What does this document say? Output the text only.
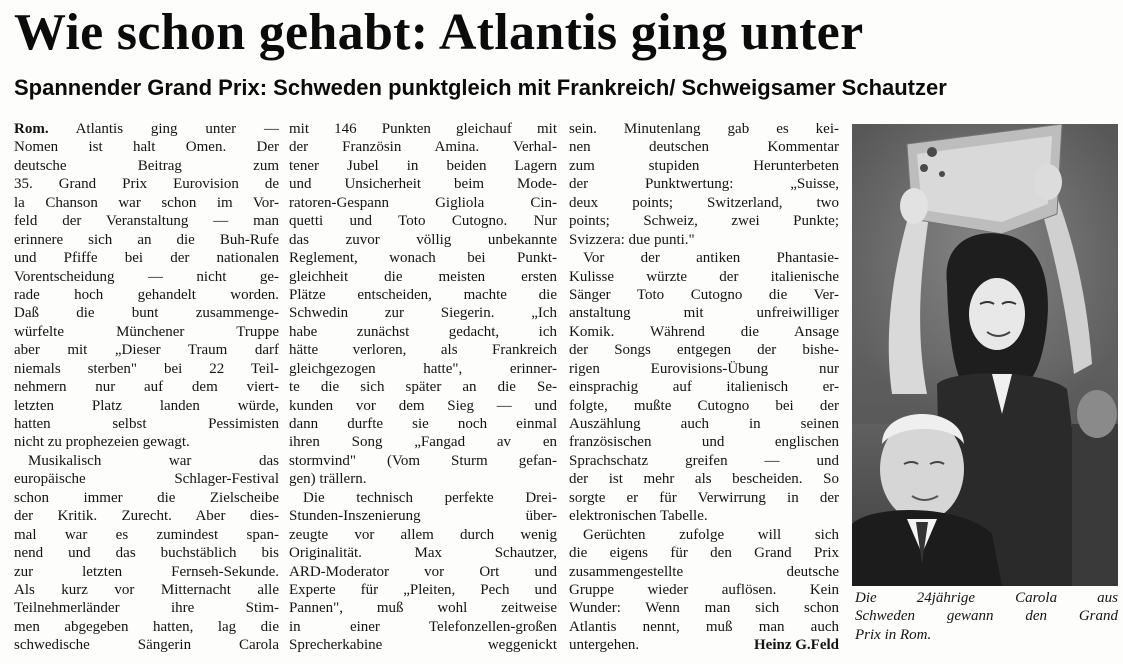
Wie schon gehabt: Atlantis ging unter
Spannender Grand Prix: Schweden punktgleich mit Frankreich/ Schweigsamer Schautzer
Rom. Atlantis ging unter —
Nomen ist halt Omen. Der
deutsche Beitrag zum
35. Grand Prix Eurovision de
la Chanson war schon im Vor-
feld der Veranstaltung — man
erinnere sich an die Buh-Rufe
und Pfiffe bei der nationalen
Vorentscheidung — nicht ge-
rade hoch gehandelt worden.
Daß die bunt zusammenge-
würfelte Münchener Truppe
aber mit „Dieser Traum darf
niemals sterben" bei 22 Teil-
nehmern nur auf dem viert-
letzten Platz landen würde,
hatten selbst Pessimisten
nicht zu prophezeien gewagt.
Musikalisch war das
europäische Schlager-Festival
schon immer die Zielscheibe
der Kritik. Zurecht. Aber dies-
mal war es zumindest span-
nend und das buchstäblich bis
zur letzten Fernseh-Sekunde.
Als kurz vor Mitternacht alle
Teilnehmerländer ihre Stim-
men abgegeben hatten, lag die
schwedische Sängerin Carola
mit 146 Punkten gleichauf mit
der Französin Amina. Verhal-
tener Jubel in beiden Lagern
und Unsicherheit beim Mode-
ratoren-Gespann Gigliola Cin-
quetti und Toto Cutogno. Nur
das zuvor völlig unbekannte
Reglement, wonach bei Punkt-
gleichheit die meisten ersten
Plätze entscheiden, machte die
Schwedin zur Siegerin. „Ich
habe zunächst gedacht, ich
hätte verloren, als Frankreich
gleichgezogen hatte", erinner-
te die sich später an die Se-
kunden vor dem Sieg — und
dann durfte sie noch einmal
ihren Song „Fangad av en
stormvind" (Vom Sturm gefan-
gen) trällern.
Die technisch perfekte Drei-
Stunden-Inszenierung über-
zeugte vor allem durch wenig
Originalität. Max Schautzer,
ARD-Moderator vor Ort und
Experte für „Pleiten, Pech und
Pannen", muß wohl zeitweise
in einer Telefonzellen-großen
Sprecherkabine weggenickt
sein. Minutenlang gab es kei-
nen deutschen Kommentar
zum stupiden Herunterbeten
der Punktwertung: „Suisse,
deux points; Switzerland, two
points; Schweiz, zwei Punkte;
Svizzera: due punti."
Vor der antiken Phantasie-
Kulisse würzte der italienische
Sänger Toto Cutogno die Ver-
anstaltung mit unfreiwilliger
Komik. Während die Ansage
der Songs entgegen der bishe-
rigen Eurovisions-Übung nur
einsprachig auf italienisch er-
folgte, mußte Cutogno bei der
Auszählung auch in seinen
französischen und englischen
Sprachschatz greifen — und
der ist mehr als bescheiden. So
sorgte er für Verwirrung in der
elektronischen Tabelle.
Gerüchten zufolge will sich
die eigens für den Grand Prix
zusammengestellte deutsche
Gruppe wieder auflösen. Kein
Wunder: Wenn man sich schon
Atlantis nennt, muß man auch
untergehen.	Heinz G.Feld
Die 24jährige Carola aus
Schweden gewann den Grand
Prix in Rom.
